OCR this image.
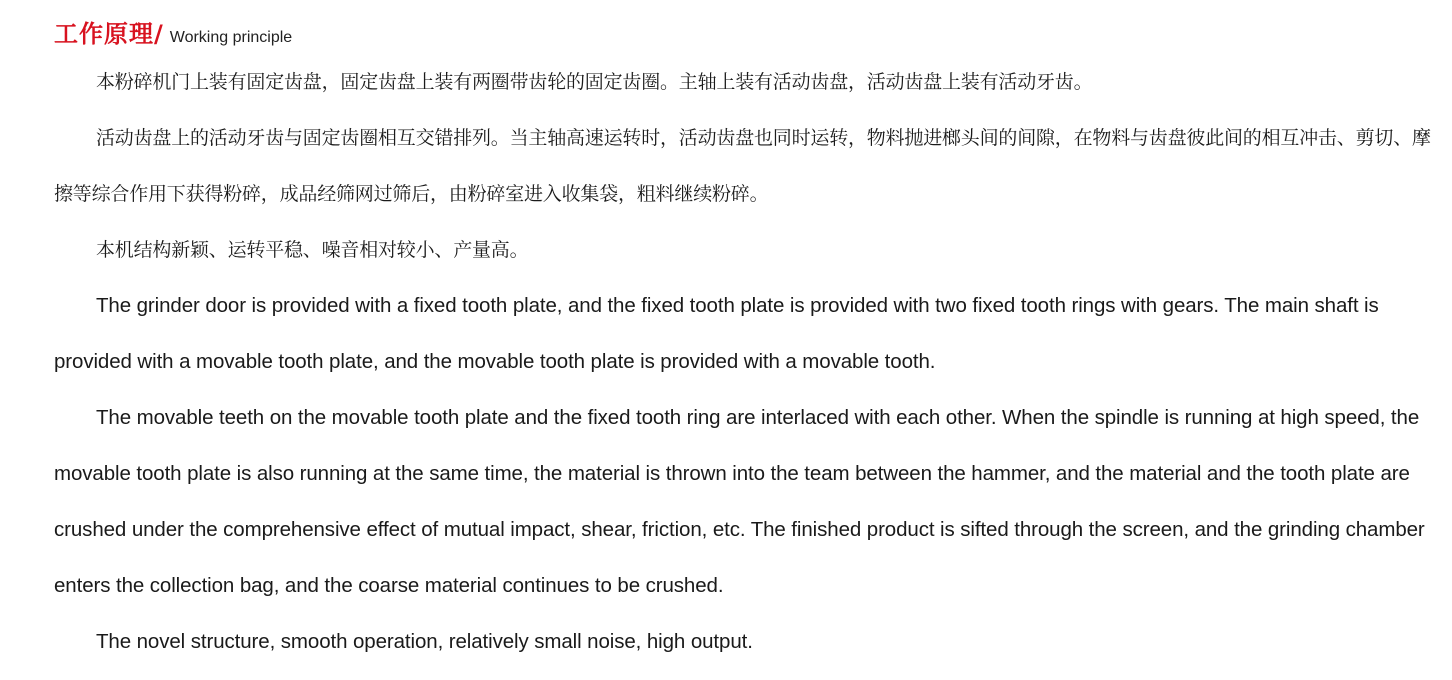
工作原理/ Working principle

本粉碎机门上装有固定齿盘，固定齿盘上装有两圈带齿轮的固定齿圈。主轴上装有活动齿盘，活动齿盘上装有活动牙齿。

活动齿盘上的活动牙齿与固定齿圈相互交错排列。当主轴高速运转时，活动齿盘也同时运转，物料抛进榔头间的间隙，在物料与齿盘彼此间的相互冲击、剪切、摩擦等综合作用下获得粉碎，成品经筛网过筛后，由粉碎室进入收集袋，粗料继续粉碎。

本机结构新颖、运转平稳、噪音相对较小、产量高。

The grinder door is provided with a fixed tooth plate, and the fixed tooth plate is provided with two fixed tooth rings with gears. The main shaft is provided with a movable tooth plate, and the movable tooth plate is provided with a movable tooth.

The movable teeth on the movable tooth plate and the fixed tooth ring are interlaced with each other. When the spindle is running at high speed, the movable tooth plate is also running at the same time, the material is thrown into the team between the hammer, and the material and the tooth plate are crushed under the comprehensive effect of mutual impact, shear, friction, etc. The finished product is sifted through the screen, and the grinding chamber enters the collection bag, and the coarse material continues to be crushed.

The novel structure, smooth operation, relatively small noise, high output.
